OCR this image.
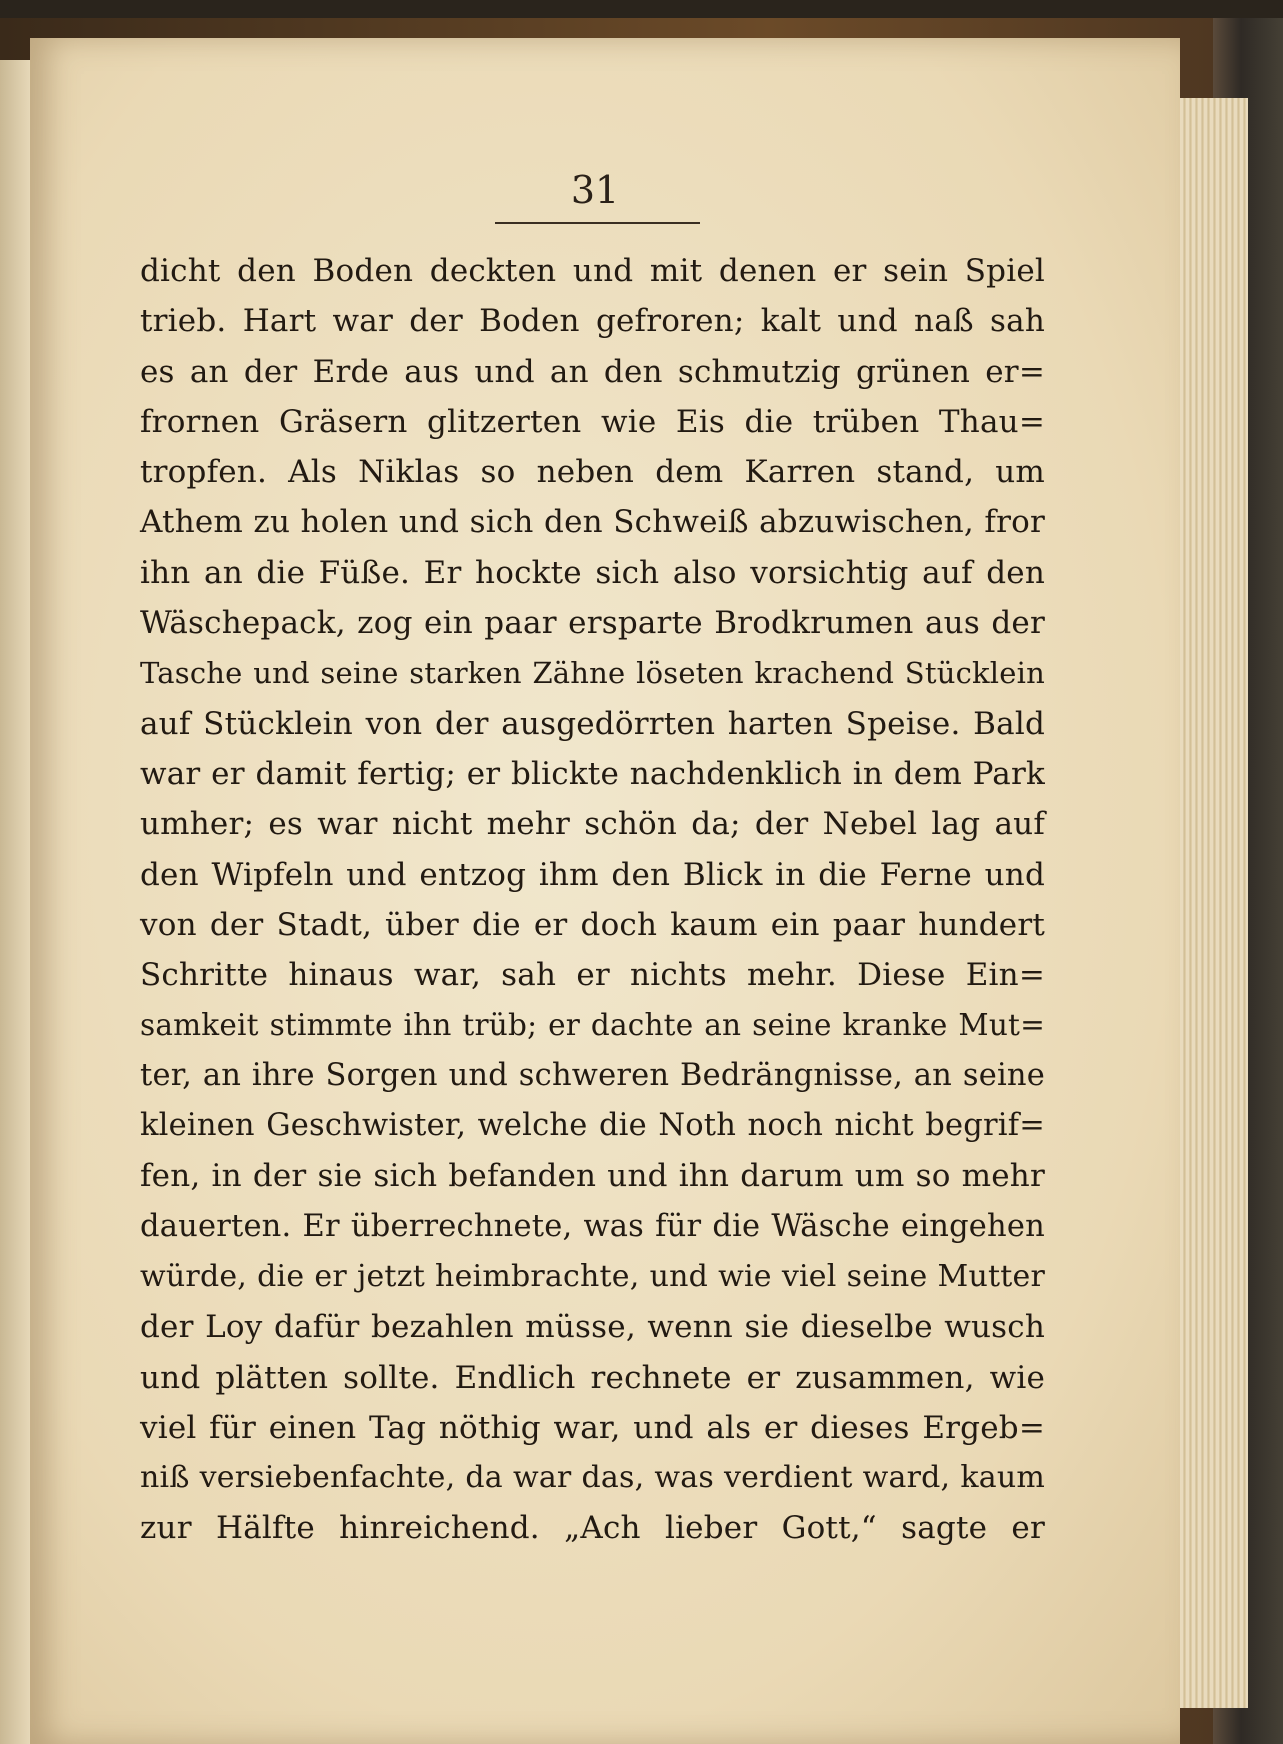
31
dicht den Boden deckten und mit denen er sein Spiel
trieb. Hart war der Boden gefroren; kalt und naß sah
es an der Erde aus und an den schmutzig grünen er=
frornen Gräsern glitzerten wie Eis die trüben Thau=
tropfen. Als Niklas so neben dem Karren stand, um
Athem zu holen und sich den Schweiß abzuwischen, fror
ihn an die Füße. Er hockte sich also vorsichtig auf den
Wäschepack, zog ein paar ersparte Brodkrumen aus der
Tasche und seine starken Zähne löseten krachend Stücklein
auf Stücklein von der ausgedörrten harten Speise. Bald
war er damit fertig; er blickte nachdenklich in dem Park
umher; es war nicht mehr schön da; der Nebel lag auf
den Wipfeln und entzog ihm den Blick in die Ferne und
von der Stadt, über die er doch kaum ein paar hundert
Schritte hinaus war, sah er nichts mehr. Diese Ein=
samkeit stimmte ihn trüb; er dachte an seine kranke Mut=
ter, an ihre Sorgen und schweren Bedrängnisse, an seine
kleinen Geschwister, welche die Noth noch nicht begrif=
fen, in der sie sich befanden und ihn darum um so mehr
dauerten. Er überrechnete, was für die Wäsche eingehen
würde, die er jetzt heimbrachte, und wie viel seine Mutter
der Loy dafür bezahlen müsse, wenn sie dieselbe wusch
und plätten sollte. Endlich rechnete er zusammen, wie
viel für einen Tag nöthig war, und als er dieses Ergeb=
niß versiebenfachte, da war das, was verdient ward, kaum
zur Hälfte hinreichend. „Ach lieber Gott,“ sagte er
